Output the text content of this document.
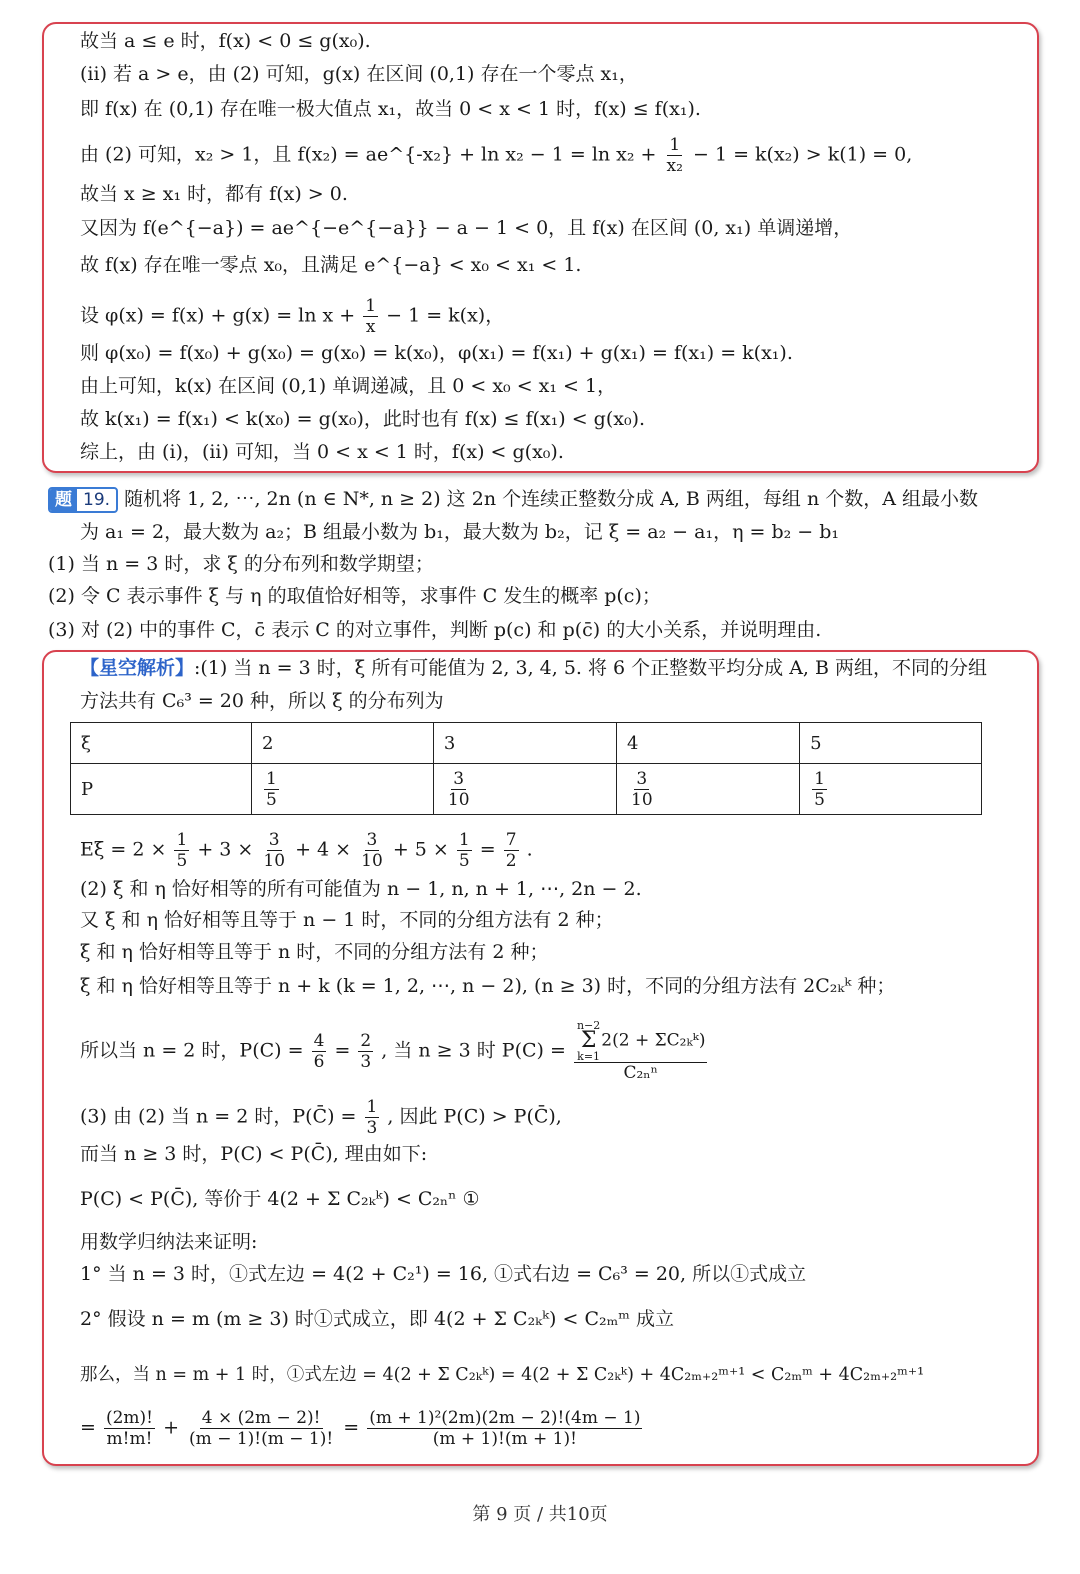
故当 a ≤ e 时，f(x) < 0 ≤ g(x₀).
(ii) 若 a > e，由 (2) 可知，g(x) 在区间 (0,1) 存在一个零点 x₁，
即 f(x) 在 (0,1) 存在唯一极大值点 x₁，故当 0 < x < 1 时，f(x) ≤ f(x₁).
由 (2) 可知，x₂ > 1，且 f(x₂) = ae^{-x₂} + $\ln x_2 - 1 = \ln x_2 + \frac{1}{\text{x₂}} - 1 = k(x_2) > k(1) = 0$,
故当 x ≥ x₁ 时，都有 f(x) > 0.
又因为 f(e^{−a}) = ae^{−e^{−a}} − a − 1 < 0，且 f(x) 在区间 (0, x₁) 单调递增，
故 f(x) 存在唯一零点 x₀，且满足 e^{−a} < x₀ < x₁ < 1.
设 $\varphi(x) = f(x) + g(x) = \ln x + \frac{1}{x} - 1 = k(x)$，
则 φ(x₀) = f(x₀) + g(x₀) = g(x₀) = k(x₀)，φ(x₁) = f(x₁) + g(x₁) = f(x₁) = k(x₁).
由上可知，k(x) 在区间 (0,1) 单调递减，且 0 < x₀ < x₁ < 1，
故 k(x₁) = f(x₁) < k(x₀) = g(x₀)，此时也有 f(x) ≤ f(x₁) < g(x₀).
综上，由 (i)，(ii) 可知，当 0 < x < 1 时，f(x) < g(x₀).
题 19. 随机将 1, 2, ⋯, 2n (n ∈ N*, n ≥ 2) 这 2n 个连续正整数分成 A, B 两组，每组 n 个数，A 组最小数
为 a₁ = 2，最大数为 a₂；B 组最小数为 b₁，最大数为 b₂，记 ξ = a₂ − a₁，η = b₂ − b₁
(1) 当 n = 3 时，求 ξ 的分布列和数学期望；
(2) 令 C 表示事件 ξ 与 η 的取值恰好相等，求事件 C 发生的概率 p(c)；
(3) 对 (2) 中的事件 C，c̄ 表示 C 的对立事件，判断 p(c) 和 p(c̄) 的大小关系，并说明理由.
【星空解析】:(1) 当 n = 3 时，ξ 所有可能值为 2, 3, 4, 5. 将 6 个正整数平均分成 A, B 两组，不同的分组
方法共有 C₆³ = 20 种，所以 ξ 的分布列为
ξ	2	3	4	5
P	$\frac{1}{5}$	$\frac{3}{10}$	$\frac{3}{10}$	$\frac{1}{5}$
$E\xi = 2 \times \frac{1}{5} + 3 \times \frac{3}{10} + 4 \times \frac{3}{10} + 5 \times \frac{1}{5} = \frac{7}{2}$ .
(2) ξ 和 η 恰好相等的所有可能值为 n − 1, n, n + 1, ⋯, 2n − 2.
又 ξ 和 η 恰好相等且等于 n − 1 时，不同的分组方法有 2 种；
ξ 和 η 恰好相等且等于 n 时，不同的分组方法有 2 种；
ξ 和 η 恰好相等且等于 n + k (k = 1, 2, ⋯, n − 2), (n ≥ 3) 时，不同的分组方法有 2C₂ₖᵏ 种；
所以当 n = 2 时，$P(C) = \frac{4}{6} = \frac{2}{3}$ , 当 n ≥ 3 时 P(C) = n−2
Σ
k=1
2(2 + ΣC₂ₖᵏ)
C₂ₙⁿ
(3) 由 (2) 当 n = 2 时，P(C̄) = $\frac{1}{3}$ , 因此 P(C) > P(C̄),
而当 n ≥ 3 时，P(C) < P(C̄), 理由如下:
P(C) < P(C̄), 等价于 4(2 + Σ C₂ₖᵏ) < C₂ₙⁿ ①
用数学归纳法来证明:
1° 当 n = 3 时，①式左边 = 4(2 + C₂¹) = 16, ①式右边 = C₆³ = 20, 所以①式成立
2° 假设 n = m (m ≥ 3) 时①式成立，即 4(2 + Σ C₂ₖᵏ) < C₂ₘᵐ 成立
那么，当 n = m + 1 时，①式左边 = 4(2 + Σ C₂ₖᵏ) = 4(2 + Σ C₂ₖᵏ) + 4C₂ₘ₊₂ᵐ⁺¹ < C₂ₘᵐ + 4C₂ₘ₊₂ᵐ⁺¹
= $\frac{(2m)!}{m!m!} + \frac{4 \times (2m - 2)!}{(m - 1)!(m - 1)!} = \frac{\text{(m + 1)²(2m)(2m − 2)!(4m − 1)}}{(m + 1)!(m + 1)!}$
第 9 页 / 共10页
